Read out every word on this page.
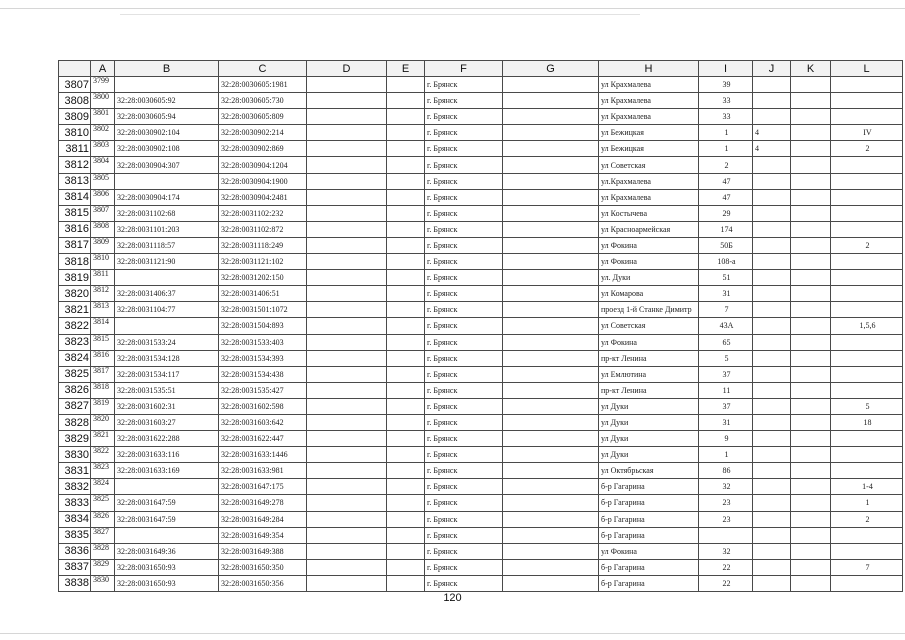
	A	B	C	D	E	F	G	H	I	J	K	L
3807	3799		32:28:0030605:1981			г. Брянск		ул Крахмалева	39			
3808	3800	32:28:0030605:92	32:28:0030605:730			г. Брянск		ул Крахмалева	33			
3809	3801	32:28:0030605:94	32:28:0030605:809			г. Брянск		ул Крахмалева	33			
3810	3802	32:28:0030902:104	32:28:0030902:214			г. Брянск		ул Бежицкая	1	4		IV
3811	3803	32:28:0030902:108	32:28:0030902:869			г. Брянск		ул Бежицкая	1	4		2
3812	3804	32:28:0030904:307	32:28:0030904:1204			г. Брянск		ул Советская	2			
3813	3805		32:28:0030904:1900			г. Брянск		ул.Крахмалева	47			
3814	3806	32:28:0030904:174	32:28:0030904:2481			г. Брянск		ул Крахмалева	47			
3815	3807	32:28:0031102:68	32:28:0031102:232			г. Брянск		ул Костычева	29			
3816	3808	32:28:0031101:203	32:28:0031102:872			г. Брянск		ул Красноармейская	174			
3817	3809	32:28:0031118:57	32:28:0031118:249			г. Брянск		ул Фокина	50Б			2
3818	3810	32:28:0031121:90	32:28:0031121:102			г. Брянск		ул Фокина	108-а			
3819	3811		32:28:0031202:150			г. Брянск		ул. Дуки	51			
3820	3812	32:28:0031406:37	32:28:0031406:51			г. Брянск		ул Комарова	31			
3821	3813	32:28:0031104:77	32:28:0031501:1072			г. Брянск		проезд 1-й Станке Димитр	7			
3822	3814		32:28:0031504:893			г. Брянск		ул Советская	43А			1,5,6
3823	3815	32:28:0031533:24	32:28:0031533:403			г. Брянск		ул Фокина	65			
3824	3816	32:28:0031534:128	32:28:0031534:393			г. Брянск		пр-кт Ленина	5			
3825	3817	32:28:0031534:117	32:28:0031534:438			г. Брянск		ул Емлютина	37			
3826	3818	32:28:0031535:51	32:28:0031535:427			г. Брянск		пр-кт Ленина	11			
3827	3819	32:28:0031602:31	32:28:0031602:598			г. Брянск		ул Дуки	37			5
3828	3820	32:28:0031603:27	32:28:0031603:642			г. Брянск		ул Дуки	31			18
3829	3821	32:28:0031622:288	32:28:0031622:447			г. Брянск		ул Дуки	9			
3830	3822	32:28:0031633:116	32:28:0031633:1446			г. Брянск		ул Дуки	1			
3831	3823	32:28:0031633:169	32:28:0031633:981			г. Брянск		ул Октябрьская	86			
3832	3824		32:28:0031647:175			г. Брянск		б-р Гагарина	32			1-4
3833	3825	32:28:0031647:59	32:28:0031649:278			г. Брянск		б-р Гагарина	23			1
3834	3826	32:28:0031647:59	32:28:0031649:284			г. Брянск		б-р Гагарина	23			2
3835	3827		32:28:0031649:354			г. Брянск		б-р Гагарина				
3836	3828	32:28:0031649:36	32:28:0031649:388			г. Брянск		ул Фокина	32			
3837	3829	32:28:0031650:93	32:28:0031650:350			г. Брянск		б-р Гагарина	22			7
3838	3830	32:28:0031650:93	32:28:0031650:356			г. Брянск		б-р Гагарина	22			
120
